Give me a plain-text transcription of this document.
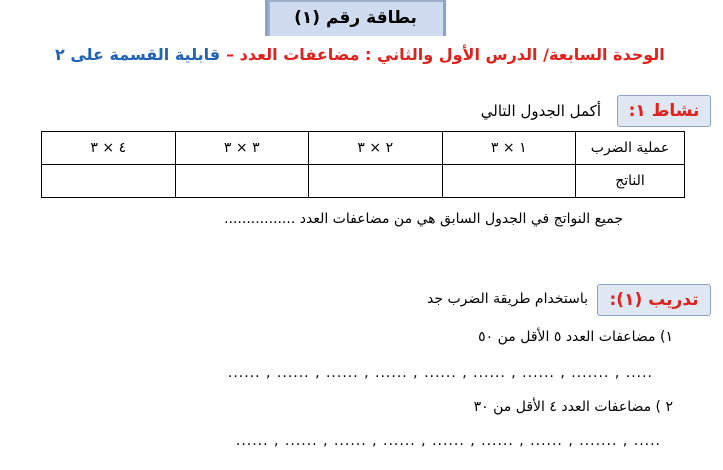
بطاقة رقم (١)
الوحدة السابعة/ الدرس الأول والثاني : مضاعفات العدد –
قابلية القسمة على ٢
نشاط ١:
أكمل الجدول التالي
عملية الضرب	١ × ٣	٢ × ٣	٣ × ٣	٤ × ٣
الناتج				
جميع النواتج في الجدول السابق هي من مضاعفات العدد ................
تدريب (١):
باستخدام طريقة الضرب جد
١) مضاعفات العدد ٥ الأقل من ٥٠
..... , ....... , ...... , ...... , ...... , ...... , ...... , ...... , ......
٢ ) مضاعفات العدد ٤ الأقل من ٣٠
..... , ....... , ...... , ...... , ...... , ...... , ...... , ...... , ......
